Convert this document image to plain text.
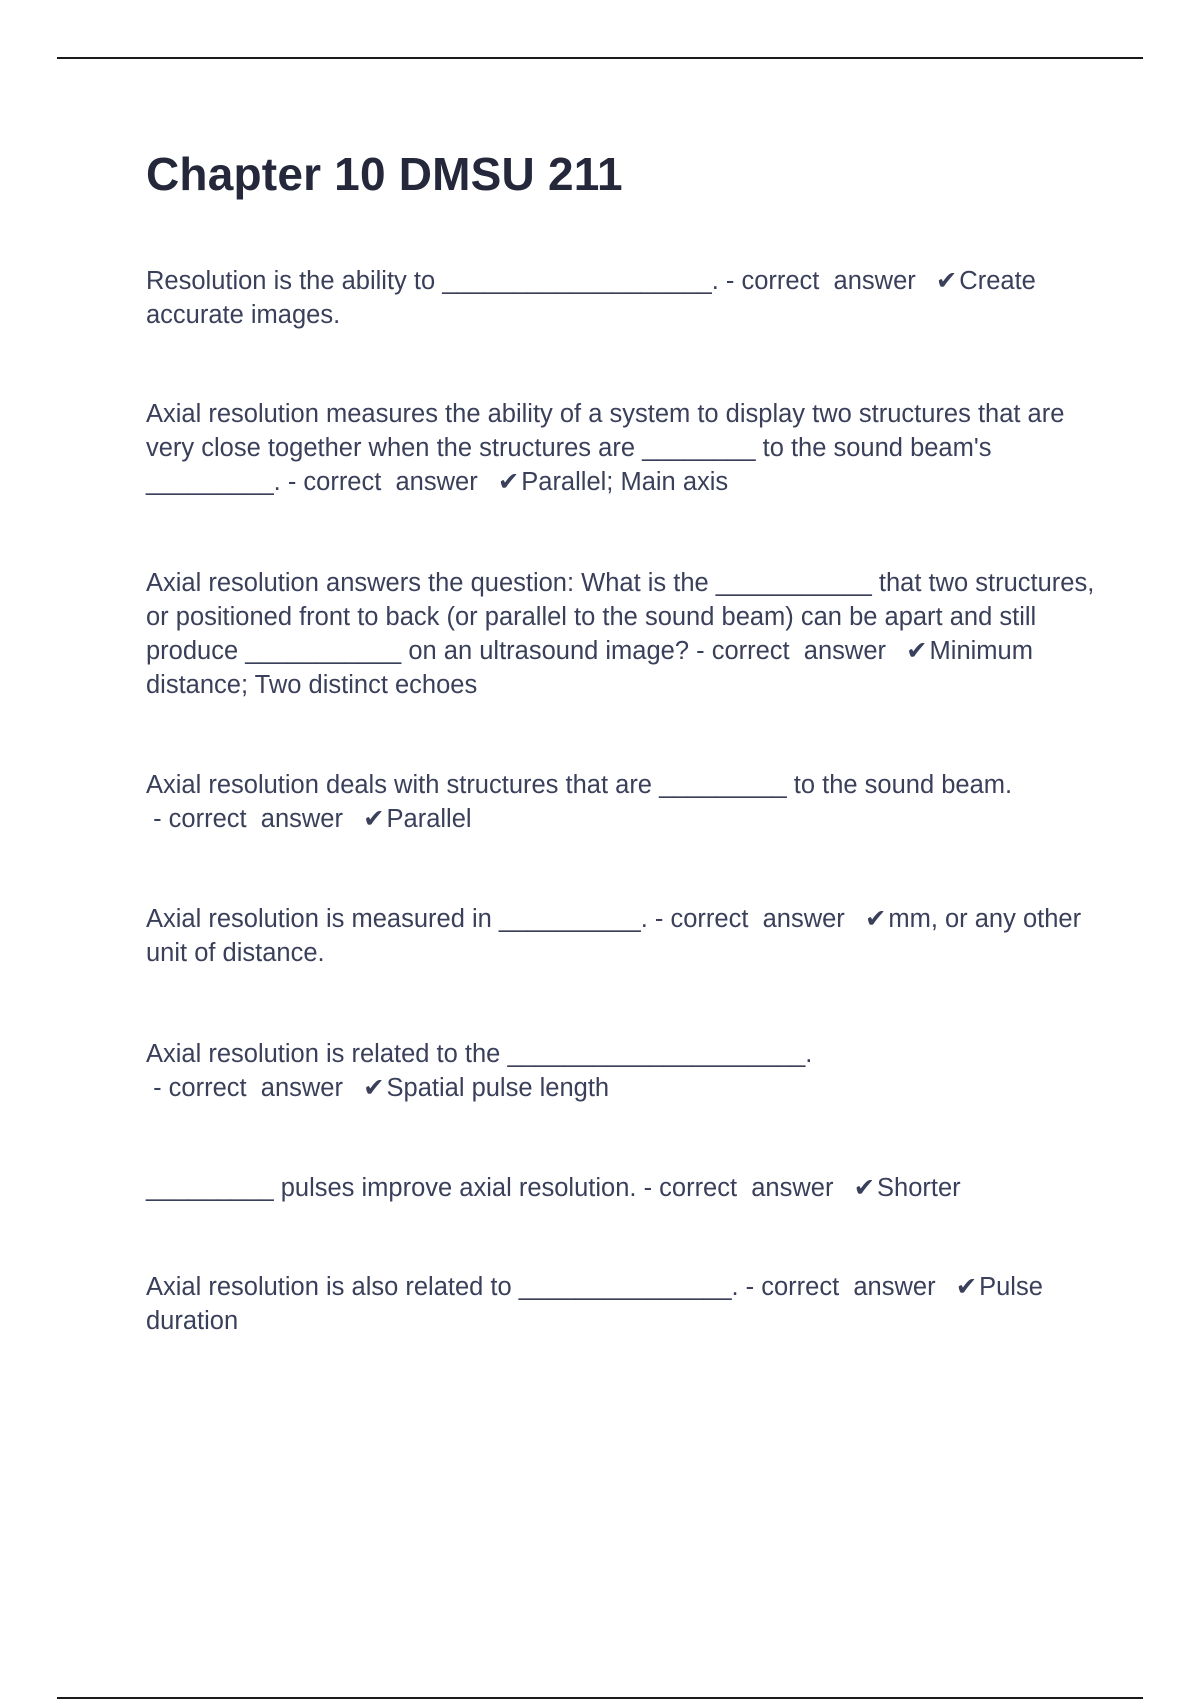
Chapter 10 DMSU 211

Resolution is the ability to ___________________. - correct  answer  ✔Create accurate images.

Axial resolution measures the ability of a system to display two structures that are very close together when the structures are ________ to the sound beam's _________. - correct  answer  ✔Parallel; Main axis

Axial resolution answers the question: What is the ___________ that two structures, or positioned front to back (or parallel to the sound beam) can be apart and still produce ___________ on an ultrasound image? - correct  answer  ✔Minimum distance; Two distinct echoes

Axial resolution deals with structures that are _________ to the sound beam. - correct  answer  ✔Parallel

Axial resolution is measured in __________. - correct  answer  ✔mm, or any other unit of distance.

Axial resolution is related to the _____________________. - correct  answer  ✔Spatial pulse length

_________ pulses improve axial resolution. - correct  answer  ✔Shorter

Axial resolution is also related to _______________. - correct  answer  ✔Pulse duration
